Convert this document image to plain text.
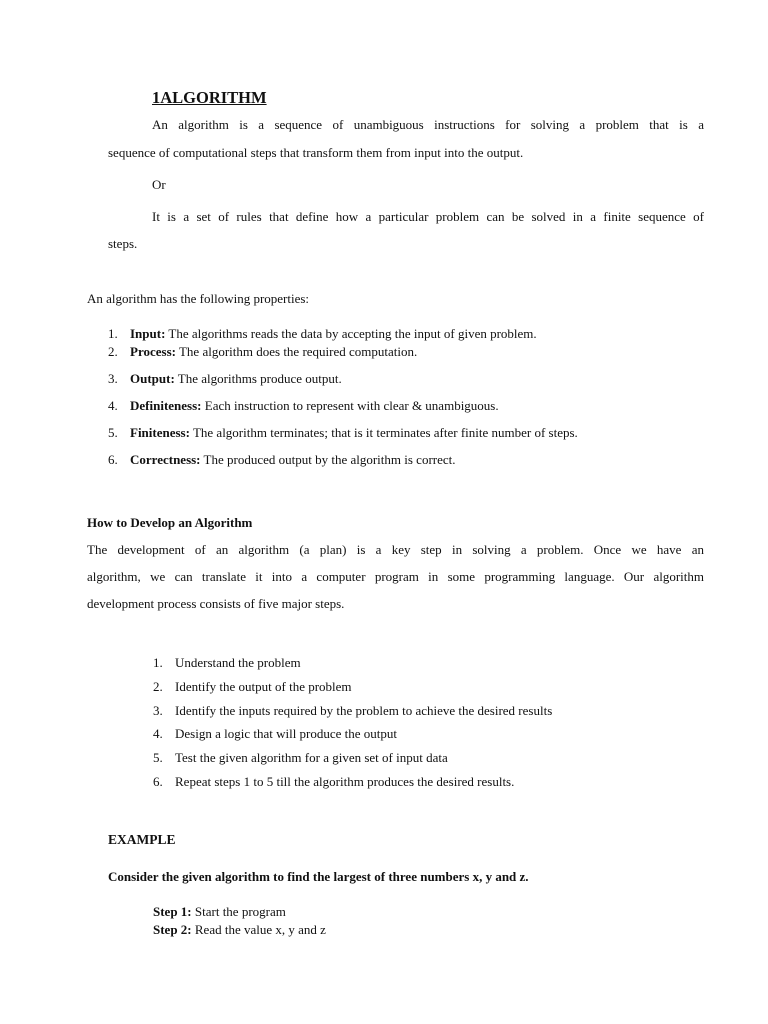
1ALGORITHM
An algorithm is a sequence of unambiguous instructions for solving a problem that is a
sequence of computational steps that transform them from input into the output.
Or
It is a set of rules that define how a particular problem can be solved in a finite sequence of
steps.
An algorithm has the following properties:
1. Input: The algorithms reads the data by accepting the input of given problem.
2. Process: The algorithm does the required computation.
3. Output: The algorithms produce output.
4. Definiteness: Each instruction to represent with clear & unambiguous.
5. Finiteness: The algorithm terminates; that is it terminates after finite number of steps.
6. Correctness: The produced output by the algorithm is correct.
How to Develop an Algorithm
The development of an algorithm (a plan) is a key step in solving a problem. Once we have an
algorithm, we can translate it into a computer program in some programming language. Our algorithm
development process consists of five major steps.
1. Understand the problem
2. Identify the output of the problem
3. Identify the inputs required by the problem to achieve the desired results
4. Design a logic that will produce the output
5. Test the given algorithm for a given set of input data
6. Repeat steps 1 to 5 till the algorithm produces the desired results.
EXAMPLE
Consider the given algorithm to find the largest of three numbers x, y and z.
Step 1: Start the program
Step 2: Read the value x, y and z
